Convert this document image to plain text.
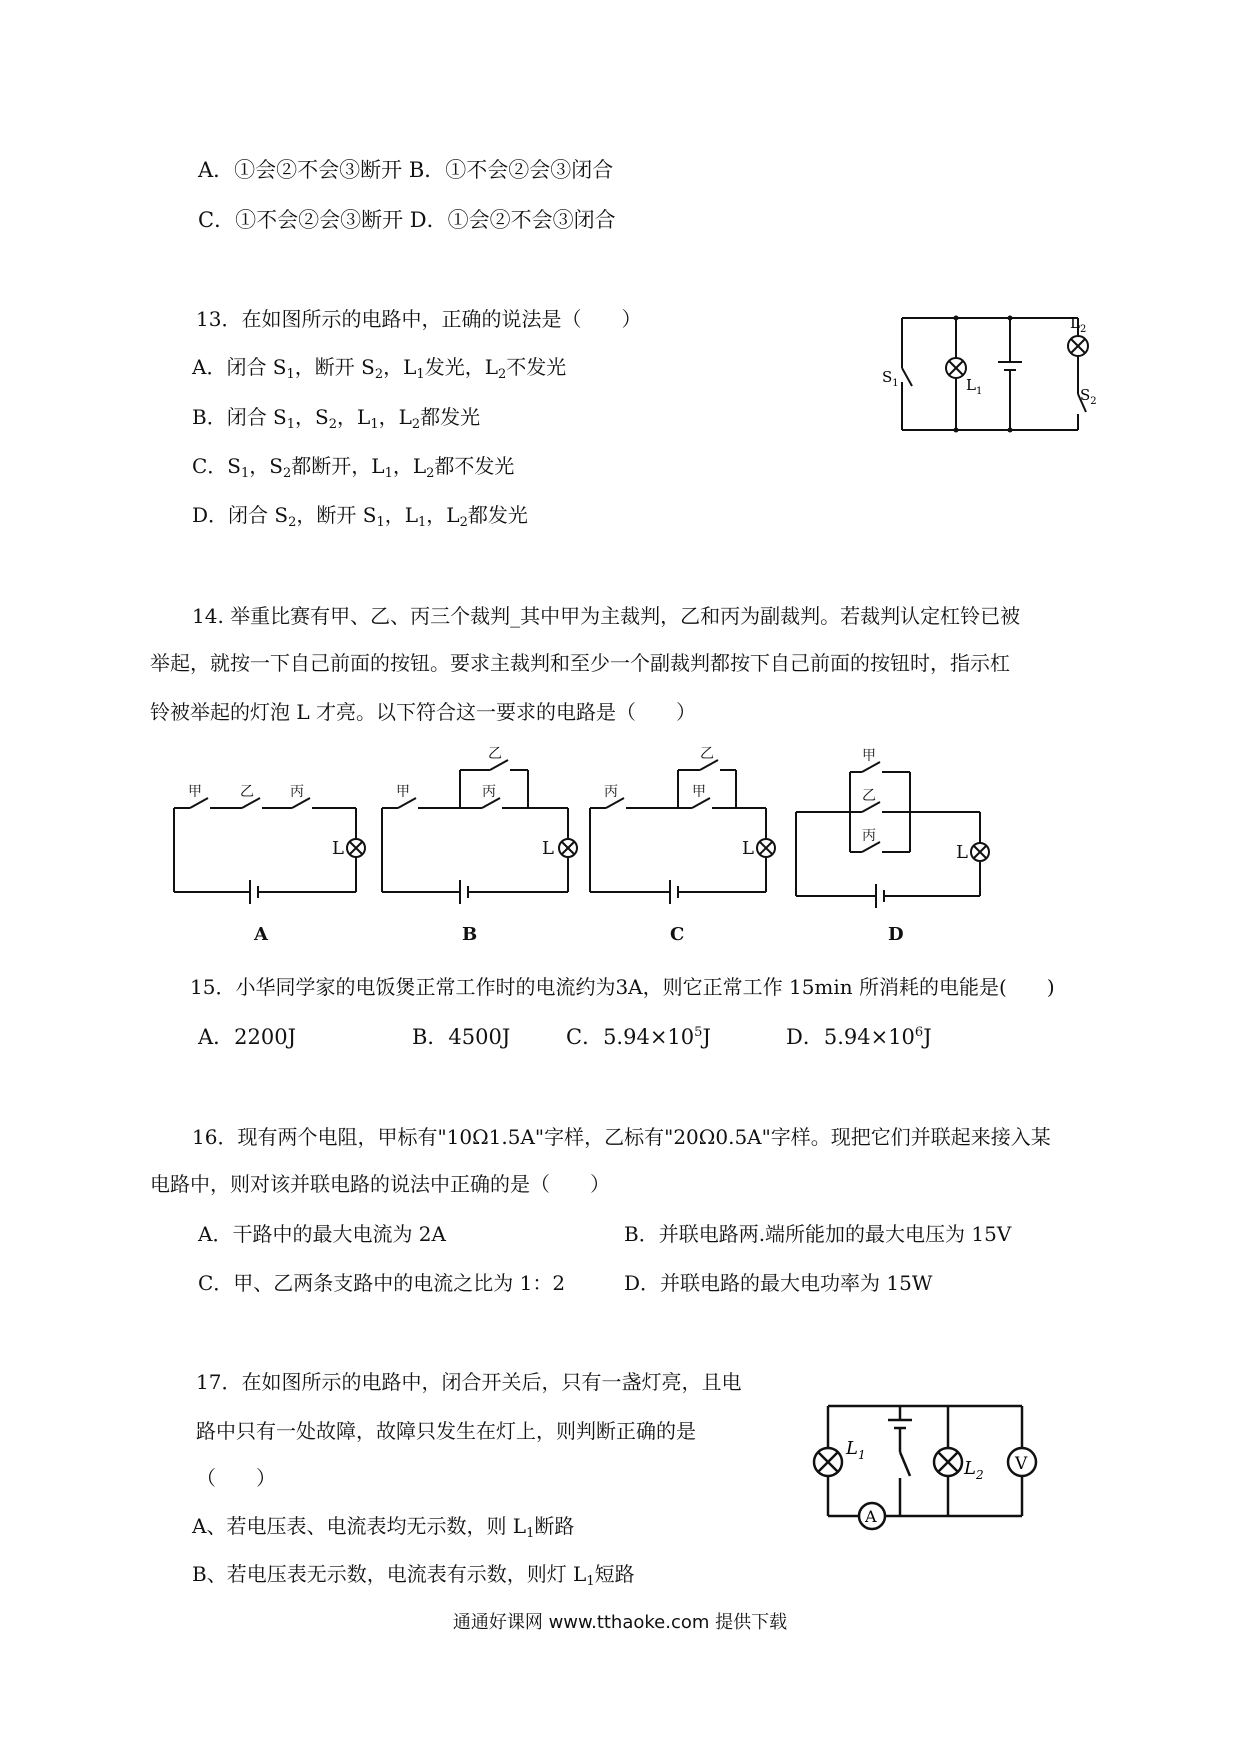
A．①会②不会③断开 B．①不会②会③闭合
C．①不会②会③断开 D．①会②不会③闭合
13．在如图所示的电路中，正确的说法是（　　）
A．闭合 $S_1$，断开 $S_2$，$L_1$发光，$L_2$不发光
B．闭合 $S_1$，$S_2$，$L_1$，$L_2$都发光
C．$S_1$，$S_2$都断开，$L_1$，$L_2$都不发光
D．闭合 $S_2$，断开 $S_1$，$L_1$，$L_2$都发光
$S_1$	$L_1$
$L_2$
$S_2$
14. 举重比赛有甲、乙、丙三个裁判_其中甲为主裁判，乙和丙为副裁判。若裁判认定杠铃已被
举起，就按一下自己前面的按钮。要求主裁判和至少一个副裁判都按下自己前面的按钮时，指示杠
铃被举起的灯泡 L 才亮。以下符合这一要求的电路是（　　）
甲	乙	丙	甲
乙
丙	丙
乙
甲
甲
乙
丙
L	L	L	L
A	B	C	D
15．小华同学家的电饭煲正常工作时的电流约为3A，则它正常工作 15min 所消耗的电能是(　　)
A．2200J	B．4500J	C．$5.94\times 10^5J$	D．$5.94\times 10^6J$
16．现有两个电阻，甲标有"10Ω1.5A"字样，乙标有"20Ω0.5A"字样。现把它们并联起来接入某
电路中，则对该并联电路的说法中正确的是（　　）
A．干路中的最大电流为 2A	B．并联电路两.端所能加的最大电压为 15V
C．甲、乙两条支路中的电流之比为 1：2	D．并联电路的最大电功率为 15W
17．在如图所示的电路中，闭合开关后，只有一盏灯亮，且电
路中只有一处故障，故障只发生在灯上，则判断正确的是
（　　）
A、若电压表、电流表均无示数，则 $L_1$断路
B、若电压表无示数，电流表有示数，则灯 $L_1$短路
$L_1$
$L_2$
V
A
通通好课网 www.tthaoke.com 提供下载
